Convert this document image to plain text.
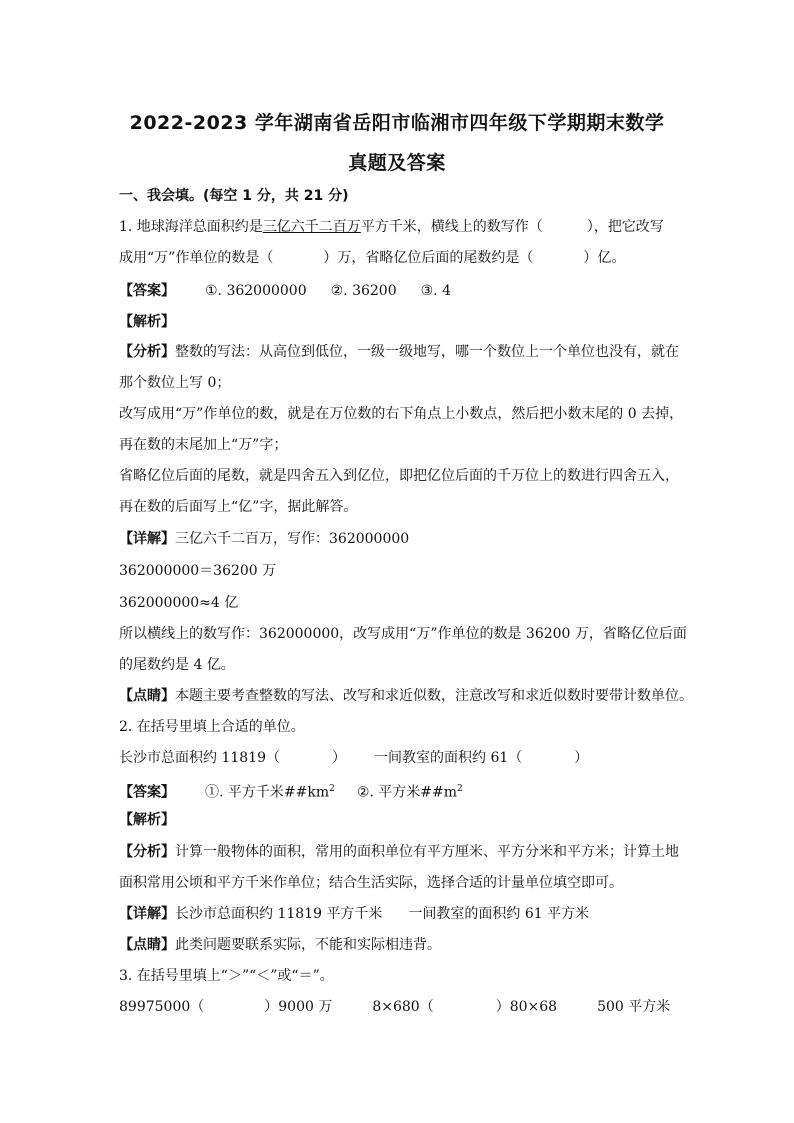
2022-2023 学年湖南省岳阳市临湘市四年级下学期期末数学
真题及答案
一、我会填。(每空 1 分，共 21 分)
1. 地球海洋总面积约是三亿六千二百万平方千米，横线上的数写作（	），把它改写
成用“万”作单位的数是（	）万，省略亿位后面的尾数约是（	）亿。
【答案】 ①. 362000000 ②. 36200 ③. 4
【解析】
【分析】整数的写法：从高位到低位，一级一级地写，哪一个数位上一个单位也没有，就在
那个数位上写 0；
改写成用“万”作单位的数，就是在万位数的右下角点上小数点，然后把小数末尾的 0 去掉，
再在数的末尾加上“万”字；
省略亿位后面的尾数，就是四舍五入到亿位，即把亿位后面的千万位上的数进行四舍五入，
再在数的后面写上“亿”字，据此解答。
【详解】三亿六千二百万，写作：362000000
362000000＝36200 万
362000000≈4 亿
所以横线上的数写作：362000000，改写成用“万”作单位的数是 36200 万，省略亿位后面
的尾数约是 4 亿。
【点睛】本题主要考查整数的写法、改写和求近似数，注意改写和求近似数时要带计数单位。
2. 在括号里填上合适的单位。
长沙市总面积约 11819（	） 一间教室的面积约 61（	）
【答案】 ①. 平方千米$\#\#km^2$ ②. 平方米$\#\#m^2$
【解析】
【分析】计算一般物体的面积，常用的面积单位有平方厘米、平方分米和平方米；计算土地
面积常用公顷和平方千米作单位；结合生活实际，选择合适的计量单位填空即可。
【详解】长沙市总面积约 11819 平方千米 一间教室的面积约 61 平方米
【点睛】此类问题要联系实际，不能和实际相违背。
3. 在括号里填上“＞”“＜”或“＝”。
89975000（	）9000 万	8×680（	）80×68	500 平方米
